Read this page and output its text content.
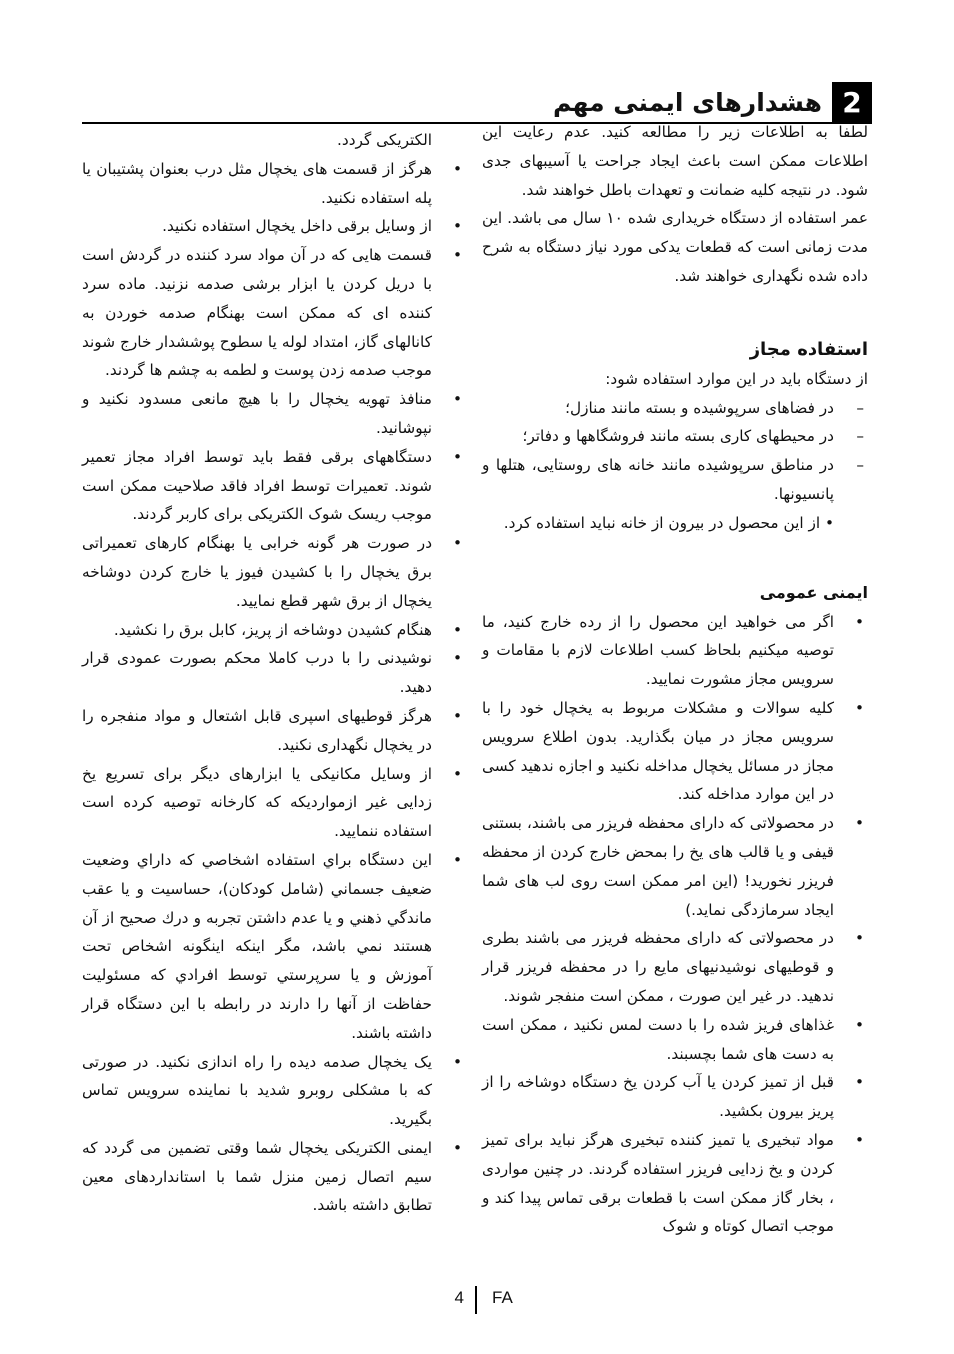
2
هشدارهای ایمنی مهم

لطفا به اطلاعات زیر را مطالعه کنید. عدم رعایت این اطلاعات ممکن است باعث ایجاد جراحت یا آسیبهای جدی شود. در نتیجه کلیه ضمانت و تعهدات باطل خواهند شد.

عمر استفاده از دستگاه خریداری شده ۱۰ سال می باشد. این مدت زمانی است که قطعات یدکی مورد نیاز دستگاه به شرح داده شده نگهداری خواهند شد.

استفاده مجاز

از دستگاه باید در این موارد استفاده شود:

– در فضاهای سرپوشیده و بسته مانند منازل؛
– در محیطهای کاری بسته مانند فروشگاهها و دفاتر؛
– در مناطق سرپوشیده مانند خانه های روستایی، هتلها و پانسیونها.

• از این محصول در بیرون از خانه نباید استفاده کرد.

ایمنی عمومی

• اگر می خواهید این محصول را از رده خارج کنید، ما توصیه میکنیم بلحاظ کسب اطلاعات لازم با مقامات و سرویس مجاز مشورت نمایید.
• کلیه سوالات و مشکلات مربوط به یخچال خود را با سرویس مجاز در میان بگذارید. بدون اطلاع سرویس مجاز در مسائل یخچال مداخله نکنید و اجازه ندهید کسی در این موارد مداخله کند.
• در محصولاتی که دارای محفظه فریزر می باشند، بستنی قیفی و یا قالب های یخ را بمحض خارج کردن از محفظه فریزر نخورید! (این امر ممکن است روی لب های شما ایجاد سرمازدگی نماید.)
• در محصولاتی که دارای محفظه فریزر می باشند بطری و قوطیهای نوشیدنیهای مایع را در محفظه فریزر قرار ندهید. در غیر این صورت ، ممکن است منفجر شوند.
• غذاهای فریز شده را با دست لمس نکنید ، ممکن است به دست های شما بچسبند.
• قبل از تمیز کردن یا آب کردن یخ دستگاه دوشاخه را از پریز بیرون بکشید.
• مواد تبخیری یا تمیز کننده تبخیری هرگز نباید برای تمیز کردن و یخ زدایی فریزر استفاده گردند. در چنین مواردی ، بخار گاز ممکن است با قطعات برقی تماس پیدا کند و موجب اتصال کوتاه و شوک

الکتریکی گردد.

• هرگز از قسمت های یخچال مثل درب بعنوان پشتیبان یا پله استفاده نکنید.
• از وسایل برقی داخل یخچال استفاده نکنید.
• قسمت هایی که در آن مواد سرد کننده در گردش است با دریل کردن یا ابزار برشی صدمه نزنید. ماده سرد کننده ای که ممکن است بهنگام صدمه خوردن به کانالهای گاز، امتداد لوله یا سطوح پوششدار خارج شوند موجب صدمه زدن پوست و لطمه به چشم ها گردند.
• منافذ تهویه یخچال را با هیچ مانعی مسدود نکنید و نپوشانید.
• دستگاههای برقی فقط باید توسط افراد مجاز تعمیر شوند. تعمیرات توسط افراد فاقد صلاحیت ممکن است موجب ریسک شوک الکتریکی برای کاربر گردند.
• در صورت هر گونه خرابی یا بهنگام کارهای تعمیراتی برق یخچال را با کشیدن فیوز یا خارج کردن دوشاخه یخچال از برق شهر قطع نمایید.
• هنگام کشیدن دوشاخه از پریز، کابل برق را نکشید.
• نوشیدنی را با درب کاملا محکم بصورت عمودی قرار دهید.
• هرگز قوطیهای اسپری قابل اشتعال و مواد منفجره را در یخچال نگهداری نکنید.
• از وسایل مکانیکی یا ابزارهای دیگر برای تسریع یخ زدایی غیر ازمواردیکه که کارخانه توصیه کرده است استفاده ننمایید.
• این دستگاه براي استفاده اشخاصي که داراي وضعيت ضعيف جسماني (شامل کودکان)، حساسيت و یا عقب ماندگي ذهني و یا عدم داشتن تجربه و درك صحيح از آن هستند نمي باشد، مگر اینکه اینگونه اشخاص تحت آموزش و یا سرپرستي توسط افرادي که مسئوليت حفاظت از آنها را دارند در رابطه با این دستگاه قرار داشته باشند.
• یک یخچال صدمه دیده را راه اندازی نکنید. در صورتی که با مشکلی روبرو شدید با نماینده سرویس تماس بگیرید.
• ایمنی الکتریکی یخچال شما وقتی تضمین می گردد که سیم اتصال زمین منزل شما با استانداردهای معین تطابق داشته باشد.
4 FA
